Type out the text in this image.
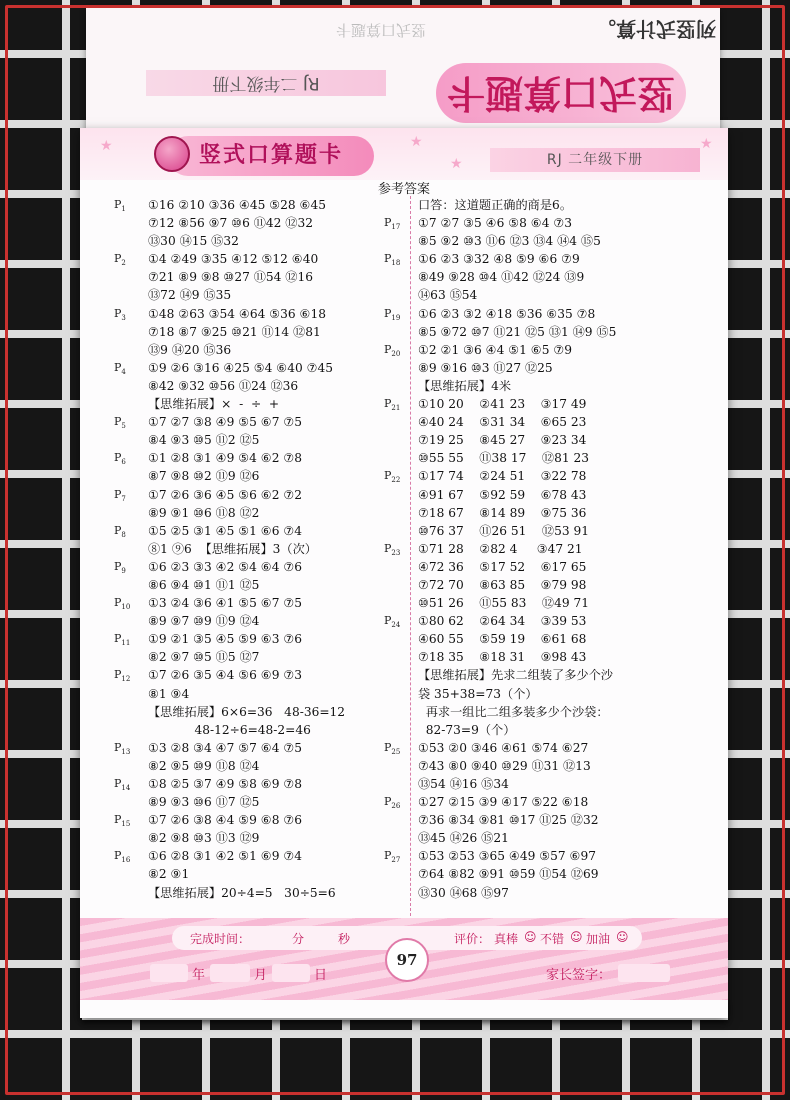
列竖式计算。
竖式口算题卡
竖式口算题卡
RJ 二年级下册
竖式口算题卡	RJ 二年级下册
★	★
★
★
参考答案
$P_1$	①16 ②10 ③36 ④45 ⑤28 ⑥45
⑦12 ⑧56 ⑨7 ⑩6 ⑪42 ⑫32
⑬30 ⑭15 ⑮32
$P_2$	①4 ②49 ③35 ④12 ⑤12 ⑥40
⑦21 ⑧9 ⑨8 ⑩27 ⑪54 ⑫16
⑬72 ⑭9 ⑮35
$P_3$	①48 ②63 ③54 ④64 ⑤36 ⑥18
⑦18 ⑧7 ⑨25 ⑩21 ⑪14 ⑫81
⑬9 ⑭20 ⑮36
$P_4$	①9 ②6 ③16 ④25 ⑤4 ⑥40 ⑦45
⑧42 ⑨32 ⑩56 ⑪24 ⑫36
【思维拓展】×  -  ÷  +
$P_5$	①7 ②7 ③8 ④9 ⑤5 ⑥7 ⑦5
⑧4 ⑨3 ⑩5 ⑪2 ⑫5
$P_6$	①1 ②8 ③1 ④9 ⑤4 ⑥2 ⑦8
⑧7 ⑨8 ⑩2 ⑪9 ⑫6
$P_7$	①7 ②6 ③6 ④5 ⑤6 ⑥2 ⑦2
⑧9 ⑨1 ⑩6 ⑪8 ⑫2
$P_8$	①5 ②5 ③1 ④5 ⑤1 ⑥6 ⑦4
⑧1 ⑨6  【思维拓展】3（次）
$P_9$	①6 ②3 ③3 ④2 ⑤4 ⑥4 ⑦6
⑧6 ⑨4 ⑩1 ⑪1 ⑫5
$P_{10}$	①3 ②4 ③6 ④1 ⑤5 ⑥7 ⑦5
⑧9 ⑨7 ⑩9 ⑪9 ⑫4
$P_{11}$	①9 ②1 ③5 ④5 ⑤9 ⑥3 ⑦6
⑧2 ⑨7 ⑩5 ⑪5 ⑫7
$P_{12}$	①7 ②6 ③5 ④4 ⑤6 ⑥9 ⑦3
⑧1 ⑨4
【思维拓展】6×6=36   48-36=12
48-12÷6=48-2=46
$P_{13}$	①3 ②8 ③4 ④7 ⑤7 ⑥4 ⑦5
⑧2 ⑨5 ⑩9 ⑪8 ⑫4
$P_{14}$	①8 ②5 ③7 ④9 ⑤8 ⑥9 ⑦8
⑧9 ⑨3 ⑩6 ⑪7 ⑫5
$P_{15}$	①7 ②6 ③8 ④4 ⑤9 ⑥8 ⑦6
⑧2 ⑨8 ⑩3 ⑪3 ⑫9
$P_{16}$	①6 ②8 ③1 ④2 ⑤1 ⑥9 ⑦4
⑧2 ⑨1
【思维拓展】20÷4=5   30÷5=6
口答：这道题正确的商是6。
$P_{17}$	①7 ②7 ③5 ④6 ⑤8 ⑥4 ⑦3
⑧5 ⑨2 ⑩3 ⑪6 ⑫3 ⑬4 ⑭4 ⑮5
$P_{18}$	①6 ②3 ③32 ④8 ⑤9 ⑥6 ⑦9
⑧49 ⑨28 ⑩4 ⑪42 ⑫24 ⑬9
⑭63 ⑮54
$P_{19}$	①6 ②3 ③2 ④18 ⑤36 ⑥35 ⑦8
⑧5 ⑨72 ⑩7 ⑪21 ⑫5 ⑬1 ⑭9 ⑮5
$P_{20}$	①2 ②1 ③6 ④4 ⑤1 ⑥5 ⑦9
⑧9 ⑨16 ⑩3 ⑪27 ⑫25
【思维拓展】4米
$P_{21}$	①10 20    ②41 23    ③17 49
④40 24    ⑤31 34    ⑥65 23
⑦19 25    ⑧45 27    ⑨23 34
⑩55 55    ⑪38 17    ⑫81 23
$P_{22}$	①17 74    ②24 51    ③22 78
④91 67    ⑤92 59    ⑥78 43
⑦18 67    ⑧14 89    ⑨75 36
⑩76 37    ⑪26 51    ⑫53 91
$P_{23}$	①71 28    ②82 4     ③47 21
④72 36    ⑤17 52    ⑥17 65
⑦72 70    ⑧63 85    ⑨79 98
⑩51 26    ⑪55 83    ⑫49 71
$P_{24}$	①80 62    ②64 34    ③39 53
④60 55    ⑤59 19    ⑥61 68
⑦18 35    ⑧18 31    ⑨98 43
【思维拓展】先求二组装了多少个沙
袋 35+38=73（个）
再求一组比二组多装多少个沙袋：
82-73=9（个）
$P_{25}$	①53 ②0 ③46 ④61 ⑤74 ⑥27
⑦43 ⑧0 ⑨40 ⑩29 ⑪31 ⑫13
⑬54 ⑭16 ⑮34
$P_{26}$	①27 ②15 ③9 ④17 ⑤22 ⑥18
⑦36 ⑧34 ⑨81 ⑩17 ⑪25 ⑫32
⑬45 ⑭26 ⑮21
$P_{27}$	①53 ②53 ③65 ④49 ⑤57 ⑥97
⑦64 ⑧82 ⑨91 ⑩59 ⑪54 ⑫69
⑬30 ⑭68 ⑮97
完成时间：	分	秒	评价： 真棒 ☺ 不错 ☺ 加油 ☺
97
年	月	日	家长签字：
